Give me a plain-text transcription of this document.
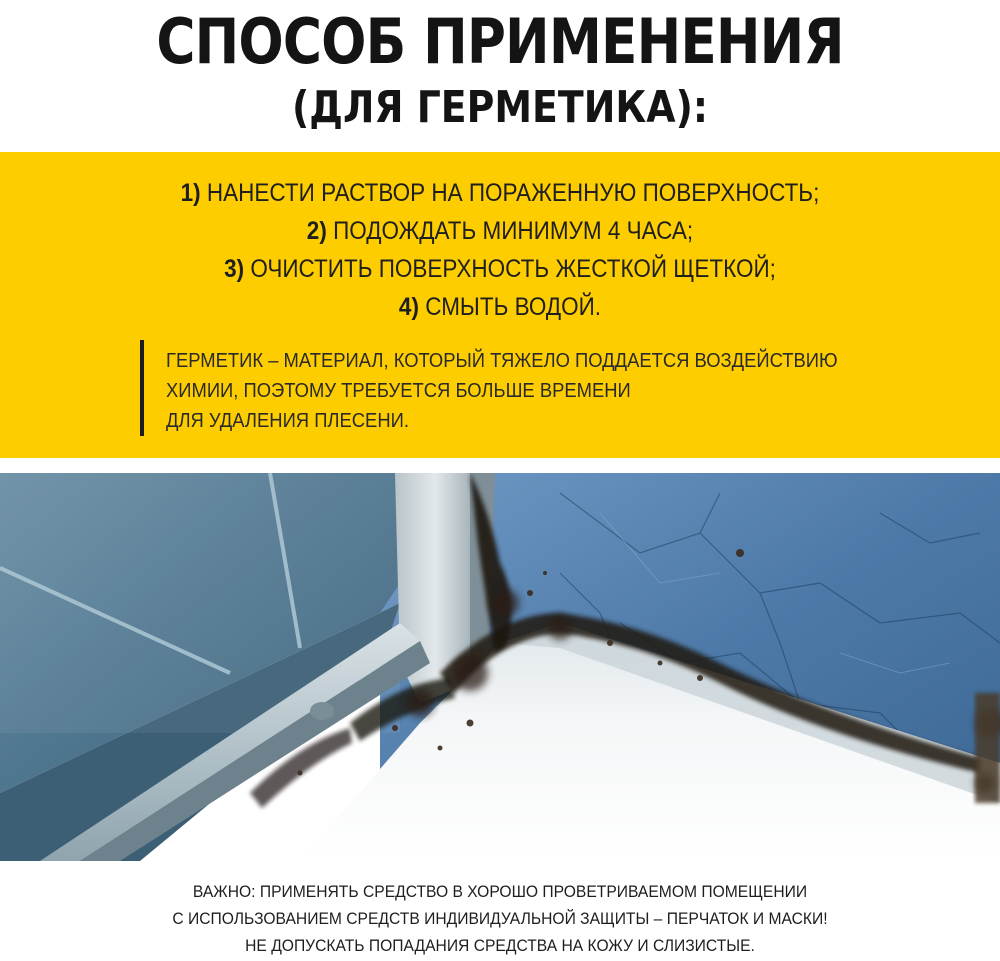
СПОСОБ ПРИМЕНЕНИЯ
(ДЛЯ ГЕРМЕТИКА):
1) НАНЕСТИ РАСТВОР НА ПОРАЖЕННУЮ ПОВЕРХНОСТЬ;
2) ПОДОЖДАТЬ МИНИМУМ 4 ЧАСА;
3) ОЧИСТИТЬ ПОВЕРХНОСТЬ ЖЕСТКОЙ ЩЕТКОЙ;
4) СМЫТЬ ВОДОЙ.

ГЕРМЕТИК – МАТЕРИАЛ, КОТОРЫЙ ТЯЖЕЛО ПОДДАЕТСЯ ВОЗДЕЙСТВИЮ
ХИМИИ, ПОЭТОМУ ТРЕБУЕТСЯ БОЛЬШЕ ВРЕМЕНИ
ДЛЯ УДАЛЕНИЯ ПЛЕСЕНИ.

ВАЖНО: ПРИМЕНЯТЬ СРЕДСТВО В ХОРОШО ПРОВЕТРИВАЕМОМ ПОМЕЩЕНИИ
С ИСПОЛЬЗОВАНИЕМ СРЕДСТВ ИНДИВИДУАЛЬНОЙ ЗАЩИТЫ – ПЕРЧАТОК И МАСКИ!
НЕ ДОПУСКАТЬ ПОПАДАНИЯ СРЕДСТВА НА КОЖУ И СЛИЗИСТЫЕ.
